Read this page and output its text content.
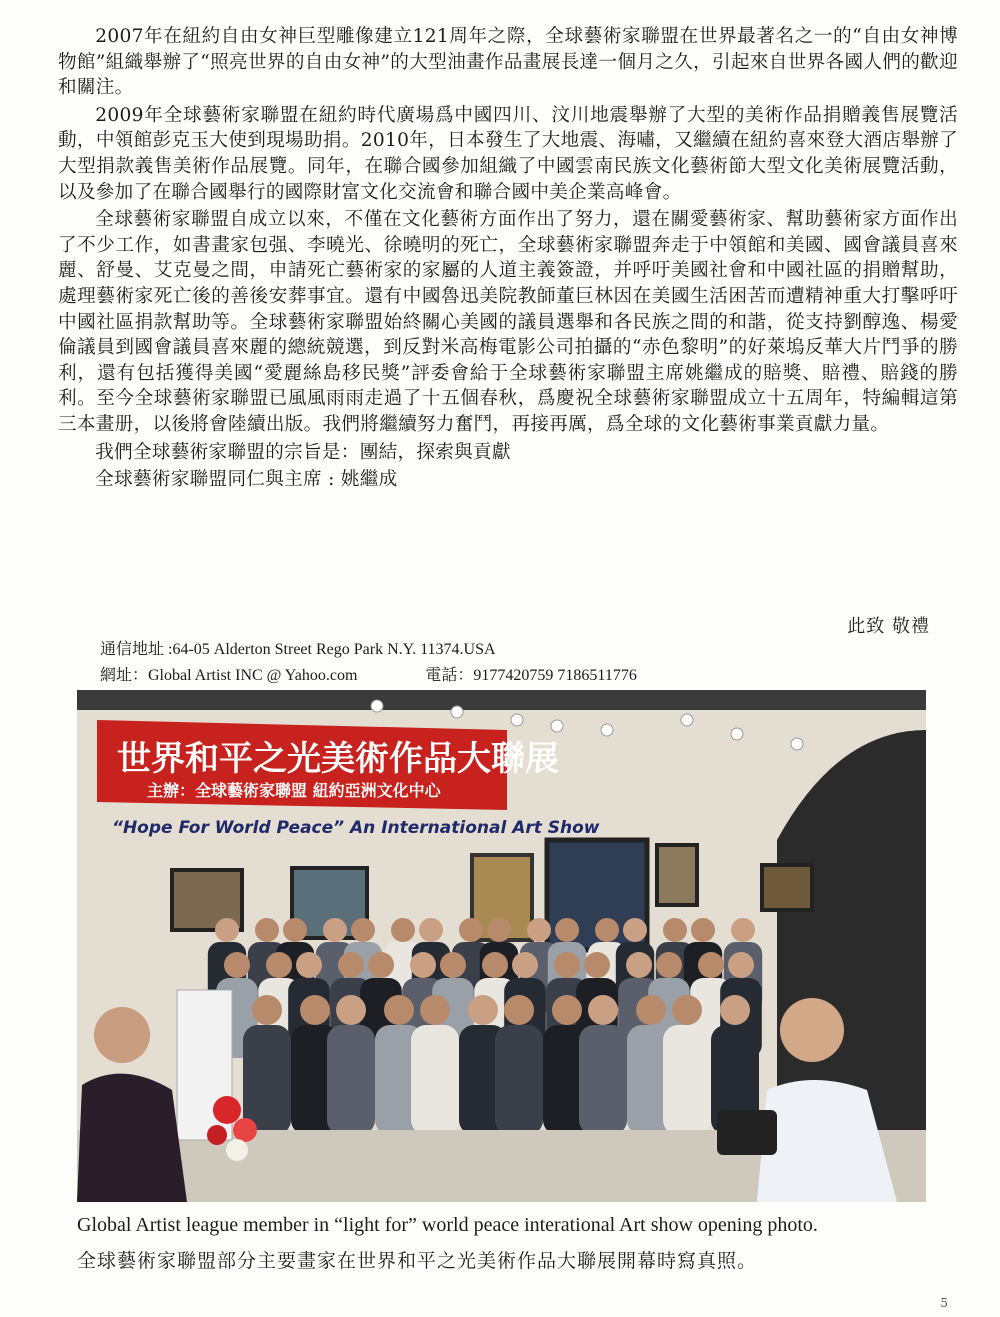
2007年在紐約自由女神巨型雕像建立121周年之際，全球藝術家聯盟在世界最著名之一的“自由女神博物館”組織舉辦了“照亮世界的自由女神”的大型油畫作品畫展長達一個月之久，引起來自世界各國人們的歡迎和關注。

2009年全球藝術家聯盟在紐約時代廣場爲中國四川、汶川地震舉辦了大型的美術作品捐贈義售展覽活動，中領館彭克玉大使到現場助捐。2010年，日本發生了大地震、海嘯，又繼續在紐約喜來登大酒店舉辦了大型捐款義售美術作品展覽。同年，在聯合國參加組織了中國雲南民族文化藝術節大型文化美術展覽活動，以及參加了在聯合國舉行的國際財富文化交流會和聯合國中美企業高峰會。

全球藝術家聯盟自成立以來，不僅在文化藝術方面作出了努力，還在關愛藝術家、幫助藝術家方面作出了不少工作，如書畫家包强、李曉光、徐曉明的死亡，全球藝術家聯盟奔走于中領館和美國、國會議員喜來麗、舒曼、艾克曼之間，申請死亡藝術家的家屬的人道主義簽證，并呼吁美國社會和中國社區的捐贈幫助，處理藝術家死亡後的善後安葬事宜。還有中國魯迅美院教師董巨林因在美國生活困苦而遭精神重大打擊呼吁中國社區捐款幫助等。全球藝術家聯盟始終關心美國的議員選舉和各民族之間的和諧，從支持劉醇逸、楊愛倫議員到國會議員喜來麗的總統競選，到反對米高梅電影公司拍攝的“赤色黎明”的好萊塢反華大片鬥爭的勝利，還有包括獲得美國“愛麗絲島移民獎”評委會給于全球藝術家聯盟主席姚繼成的賠獎、賠禮、賠錢的勝利。至今全球藝術家聯盟已風風雨雨走過了十五個春秋，爲慶祝全球藝術家聯盟成立十五周年，特編輯這第三本畫册，以後將會陸續出版。我們將繼續努力奮鬥，再接再厲，爲全球的文化藝術事業貢獻力量。

我們全球藝術家聯盟的宗旨是：團結，探索與貢獻

全球藝術家聯盟同仁與主席 : 姚繼成

此致 敬禮
通信地址 :64-05 Alderton Street Rego Park N.Y. 11374.USA
網址：Global Artist INC @ Yahoo.com	電話：9177420759 7186511776
世界和平之光美術作品大聯展
主辦：全球藝術家聯盟 紐約亞洲文化中心
“Hope For World Peace” An International Art Show
Global Artist league member in “light for” world peace interational Art show opening photo.
全球藝術家聯盟部分主要畫家在世界和平之光美術作品大聯展開幕時寫真照。
5
